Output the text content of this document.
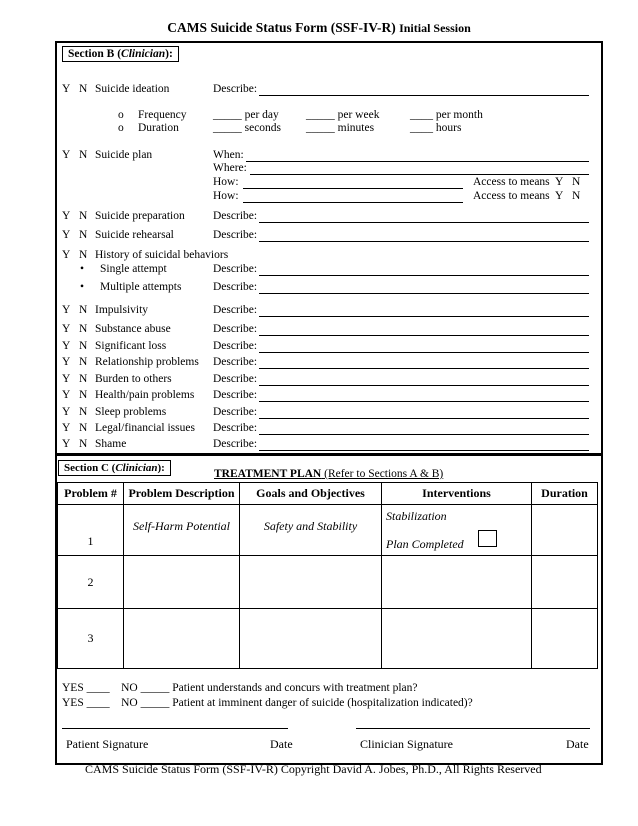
CAMS Suicide Status Form (SSF-IV-R) Initial Session
Section B (Clinician):
Y N Suicide ideation	Describe:
o Frequency _____ per day _____ per week	____ per month
o Duration	_____ seconds _____ minutes	____ hours
Y N Suicide plan	When:
Where:
How:	Access to means Y N
How:	Access to means Y N
Y N Suicide preparation Describe:
Y N Suicide rehearsal	Describe:
Y N History of suicidal behaviors
• Single attempt	Describe:
• Multiple attempts	Describe:
Y N Impulsivity	Describe:
Y N Substance abuse	Describe:
Y N Significant loss	Describe:
Y N Relationship problems Describe:
Y N Burden to others	Describe:
Y N Health/pain problems Describe:
Y N Sleep problems	Describe:
Y N Legal/financial issues Describe:
Y N Shame	Describe:
Section C (Clinician):	TREATMENT PLAN (Refer to Sections A & B)
Problem #	Problem Description	Goals and Objectives	Interventions	Duration
1	Self-Harm Potential	Safety and Stability	Stabilization
Plan Completed	

2				
3				
YES ____ NO _____ Patient understands and concurs with treatment plan?
YES ____ NO _____ Patient at imminent danger of suicide (hospitalization indicated)?
Patient Signature	Date	Clinician Signature	Date
CAMS Suicide Status Form (SSF-IV-R) Copyright David A. Jobes, Ph.D., All Rights Reserved
